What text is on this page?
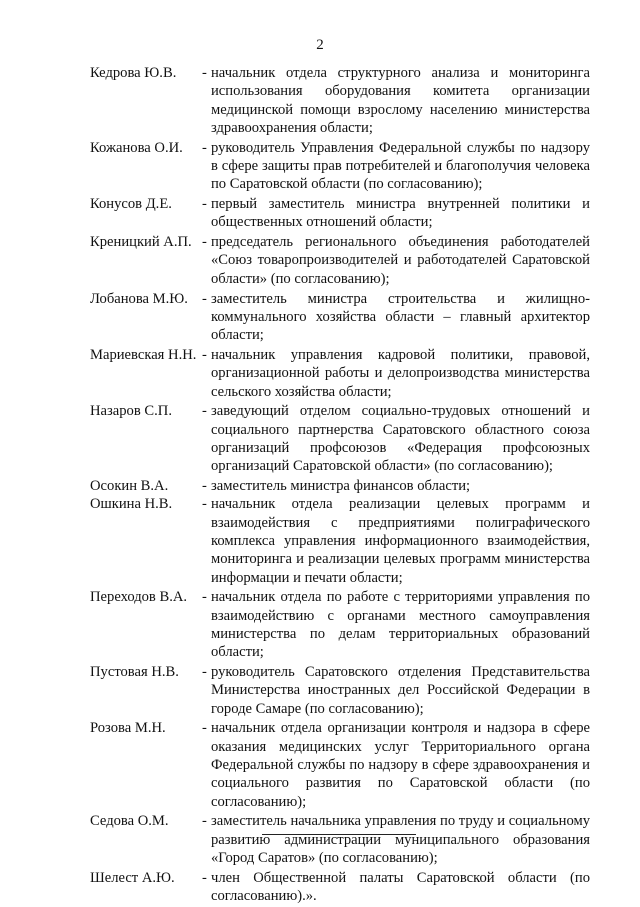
2
Кедрова Ю.В.	- начальник отдела структурного анализа и мониторинга использования оборудования комитета организации медицинской помощи взрослому населению министерства здравоохранения области;
Кожанова О.И.	- руководитель Управления Федеральной службы по надзору в сфере защиты прав потребителей и благополучия человека по Саратовской области (по согласованию);
Конусов Д.Е.	- первый заместитель министра внутренней политики и общественных отношений области;
Креницкий А.П. - председатель регионального объединения работодателей «Союз товаропроизводителей и работодателей Саратовской области» (по согласованию);
Лобанова М.Ю. - заместитель министра строительства и жилищно-коммунального хозяйства области – главный архитектор области;
Мариевская Н.Н. - начальник управления кадровой политики, правовой, организационной работы и делопроизводства министерства сельского хозяйства области;
Назаров С.П.	- заведующий отделом социально-трудовых отношений и социального партнерства Саратовского областного союза организаций профсоюзов «Федерация профсоюзных организаций Саратовской области» (по согласованию);
Осокин В.А.	- заместитель министра финансов области;
Ошкина Н.В.	- начальник отдела реализации целевых программ и взаимодействия с предприятиями полиграфического комплекса управления информационного взаимодействия, мониторинга и реализации целевых программ министерства информации и печати области;
Переходов В.А.	- начальник отдела по работе с территориями управления по взаимодействию с органами местного самоуправления министерства по делам территориальных образований области;
Пустовая Н.В.	- руководитель Саратовского отделения Представительства Министерства иностранных дел Российской Федерации в городе Самаре (по согласованию);
Розова М.Н.	- начальник отдела организации контроля и надзора в сфере оказания медицинских услуг Территориального органа Федеральной службы по надзору в сфере здравоохранения и социального развития по Саратовской области (по согласованию);
Седова О.М.	- заместитель начальника управления по труду и социальному развитию администрации муниципального образования «Город Саратов» (по согласованию);
Шелест А.Ю.	- член Общественной палаты Саратовской области (по согласованию).».
